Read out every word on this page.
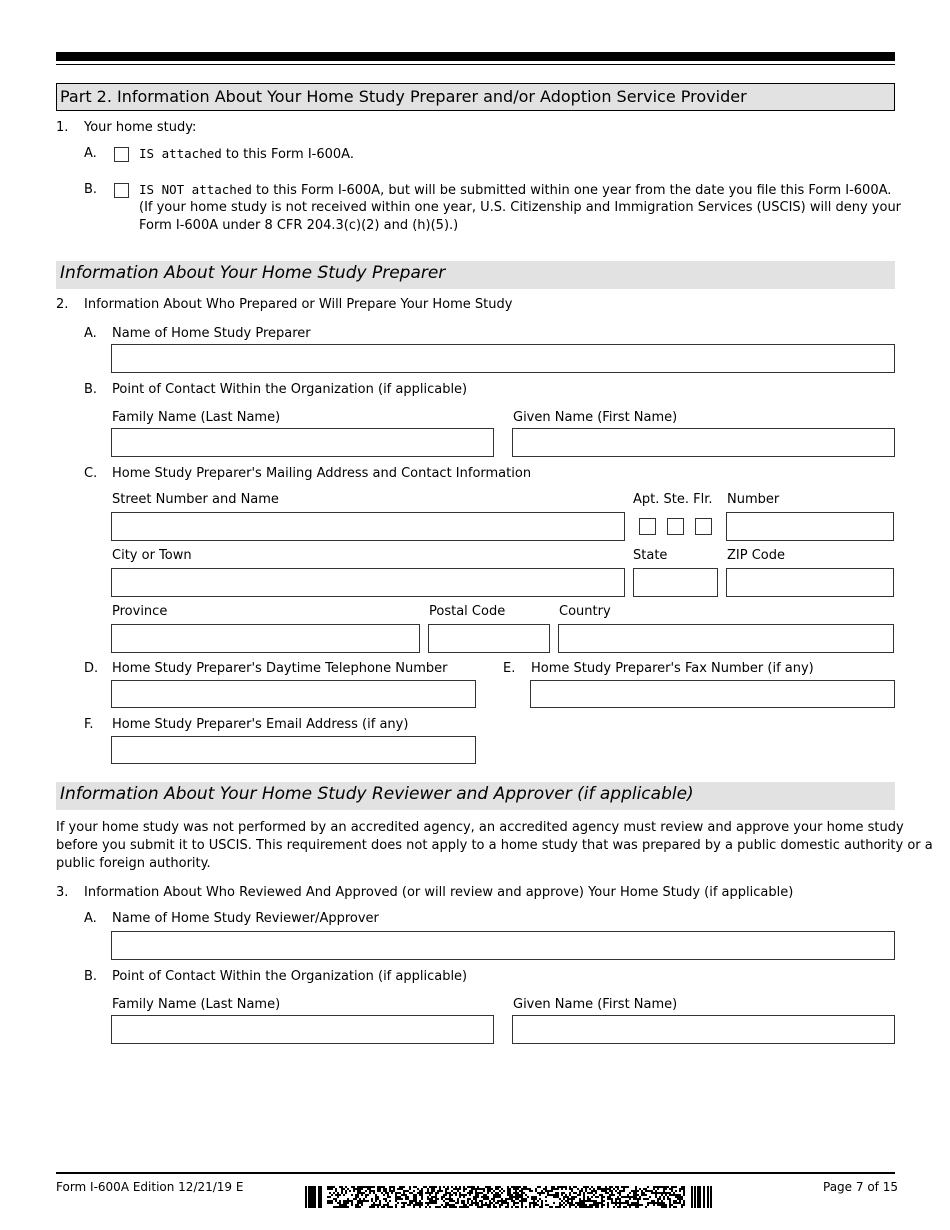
Part 2. Information About Your Home Study Preparer and/or Adoption Service Provider
1. Your home study:
A.	IS attached to this Form I-600A.
B.	IS NOT attached to this Form I-600A, but will be submitted within one year from the date you file this Form I-600A.
(If your home study is not received within one year, U.S. Citizenship and Immigration Services (USCIS) will deny your
Form I-600A under 8 CFR 204.3(c)(2) and (h)(5).)
Information About Your Home Study Preparer
2. Information About Who Prepared or Will Prepare Your Home Study
A. Name of Home Study Preparer
B. Point of Contact Within the Organization (if applicable)
Family Name (Last Name)	Given Name (First Name)
C. Home Study Preparer's Mailing Address and Contact Information
Street Number and Name	Apt. Ste. Flr. Number
City or Town	State	ZIP Code
Province	Postal Code	Country
D. Home Study Preparer's Daytime Telephone Number	E. Home Study Preparer's Fax Number (if any)
F. Home Study Preparer's Email Address (if any)
Information About Your Home Study Reviewer and Approver (if applicable)
If your home study was not performed by an accredited agency, an accredited agency must review and approve your home study
before you submit it to USCIS. This requirement does not apply to a home study that was prepared by a public domestic authority or a
public foreign authority.
3. Information About Who Reviewed And Approved (or will review and approve) Your Home Study (if applicable)
A. Name of Home Study Reviewer/Approver
B. Point of Contact Within the Organization (if applicable)
Family Name (Last Name)	Given Name (First Name)
Form I-600A Edition 12/21/19 E	Page 7 of 15
